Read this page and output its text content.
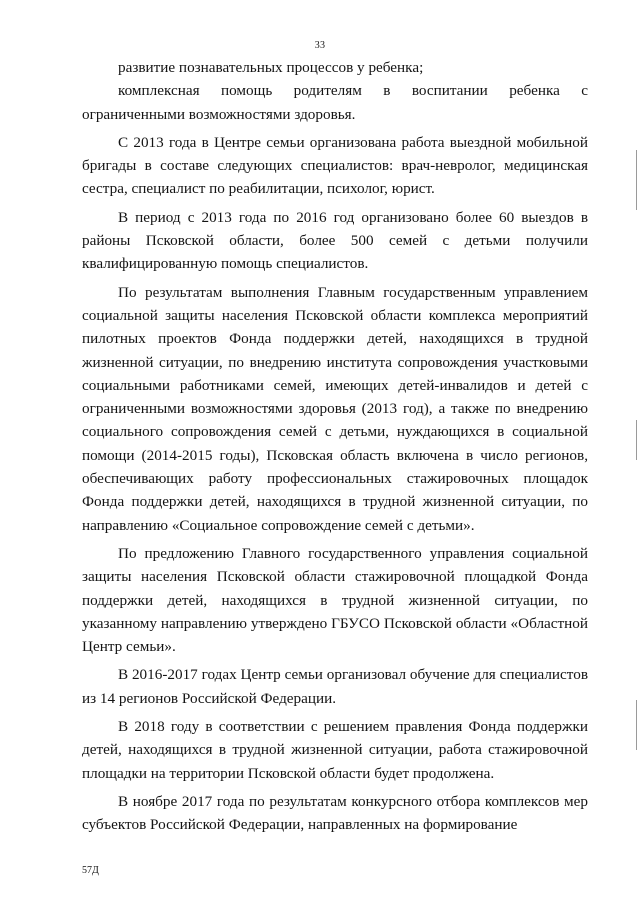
33

развитие познавательных процессов у ребенка;

комплексная помощь родителям в воспитании ребенка с ограниченными возможностями здоровья.

С 2013 года в Центре семьи организована работа выездной мобильной бригады в составе следующих специалистов: врач-невролог, медицинская сестра, специалист по реабилитации, психолог, юрист.

В период с 2013 года по 2016 год организовано более 60 выездов в районы Псковской области, более 500 семей с детьми получили квалифицированную помощь специалистов.

По результатам выполнения Главным государственным управлением социальной защиты населения Псковской области комплекса мероприятий пилотных проектов Фонда поддержки детей, находящихся в трудной жизненной ситуации, по внедрению института сопровождения участковыми социальными работниками семей, имеющих детей-инвалидов и детей с ограниченными возможностями здоровья (2013 год), а также по внедрению социального сопровождения семей с детьми, нуждающихся в социальной помощи (2014-2015 годы), Псковская область включена в число регионов, обеспечивающих работу профессиональных стажировочных площадок Фонда поддержки детей, находящихся в трудной жизненной ситуации, по направлению «Социальное сопровождение семей с детьми».

По предложению Главного государственного управления социальной защиты населения Псковской области стажировочной площадкой Фонда поддержки детей, находящихся в трудной жизненной ситуации, по указанному направлению утверждено ГБУСО Псковской области «Областной Центр семьи».

В 2016-2017 годах Центр семьи организовал обучение для специалистов из 14 регионов Российской Федерации.

В 2018 году в соответствии с решением правления Фонда поддержки детей, находящихся в трудной жизненной ситуации, работа стажировочной площадки на территории Псковской области будет продолжена.

В ноябре 2017 года по результатам конкурсного отбора комплексов мер субъектов Российской Федерации, направленных на формирование

57Д
